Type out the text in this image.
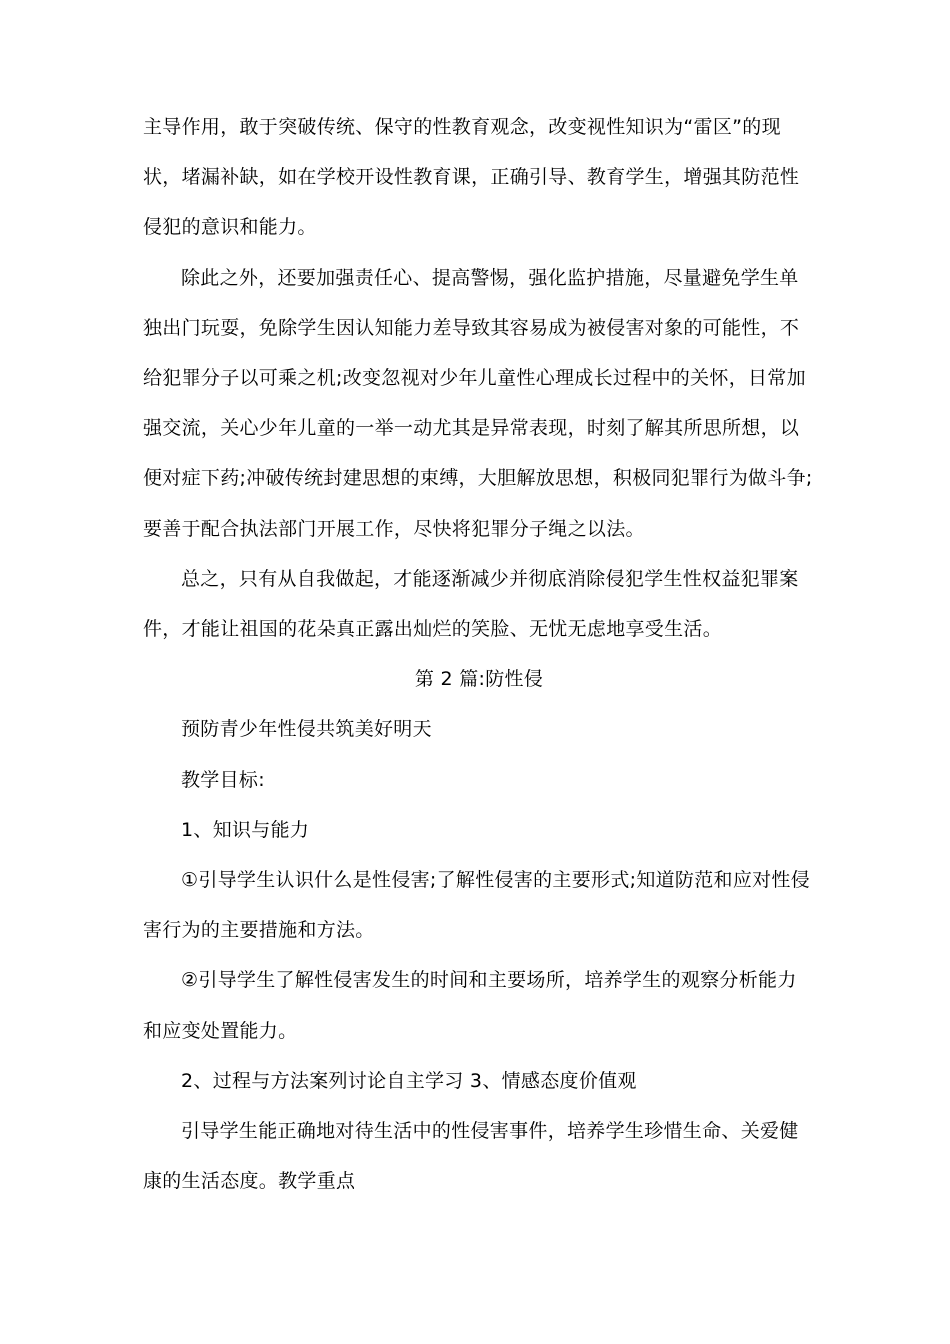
主导作用，敢于突破传统、保守的性教育观念，改变视性知识为“雷区”的现状，堵漏补缺，如在学校开设性教育课，正确引导、教育学生，增强其防范性侵犯的意识和能力。

除此之外，还要加强责任心、提高警惕，强化监护措施，尽量避免学生单独出门玩耍，免除学生因认知能力差导致其容易成为被侵害对象的可能性，不给犯罪分子以可乘之机;改变忽视对少年儿童性心理成长过程中的关怀，日常加强交流，关心少年儿童的一举一动尤其是异常表现，时刻了解其所思所想，以便对症下药;冲破传统封建思想的束缚，大胆解放思想，积极同犯罪行为做斗争;要善于配合执法部门开展工作，尽快将犯罪分子绳之以法。

总之，只有从自我做起，才能逐渐减少并彻底消除侵犯学生性权益犯罪案件，才能让祖国的花朵真正露出灿烂的笑脸、无忧无虑地享受生活。

第 2 篇:防性侵

预防青少年性侵共筑美好明天

教学目标:

1、知识与能力

①引导学生认识什么是性侵害;了解性侵害的主要形式;知道防范和应对性侵害行为的主要措施和方法。

②引导学生了解性侵害发生的时间和主要场所，培养学生的观察分析能力和应变处置能力。

2、过程与方法案列讨论自主学习 3、情感态度价值观

引导学生能正确地对待生活中的性侵害事件，培养学生珍惜生命、关爱健康的生活态度。教学重点
